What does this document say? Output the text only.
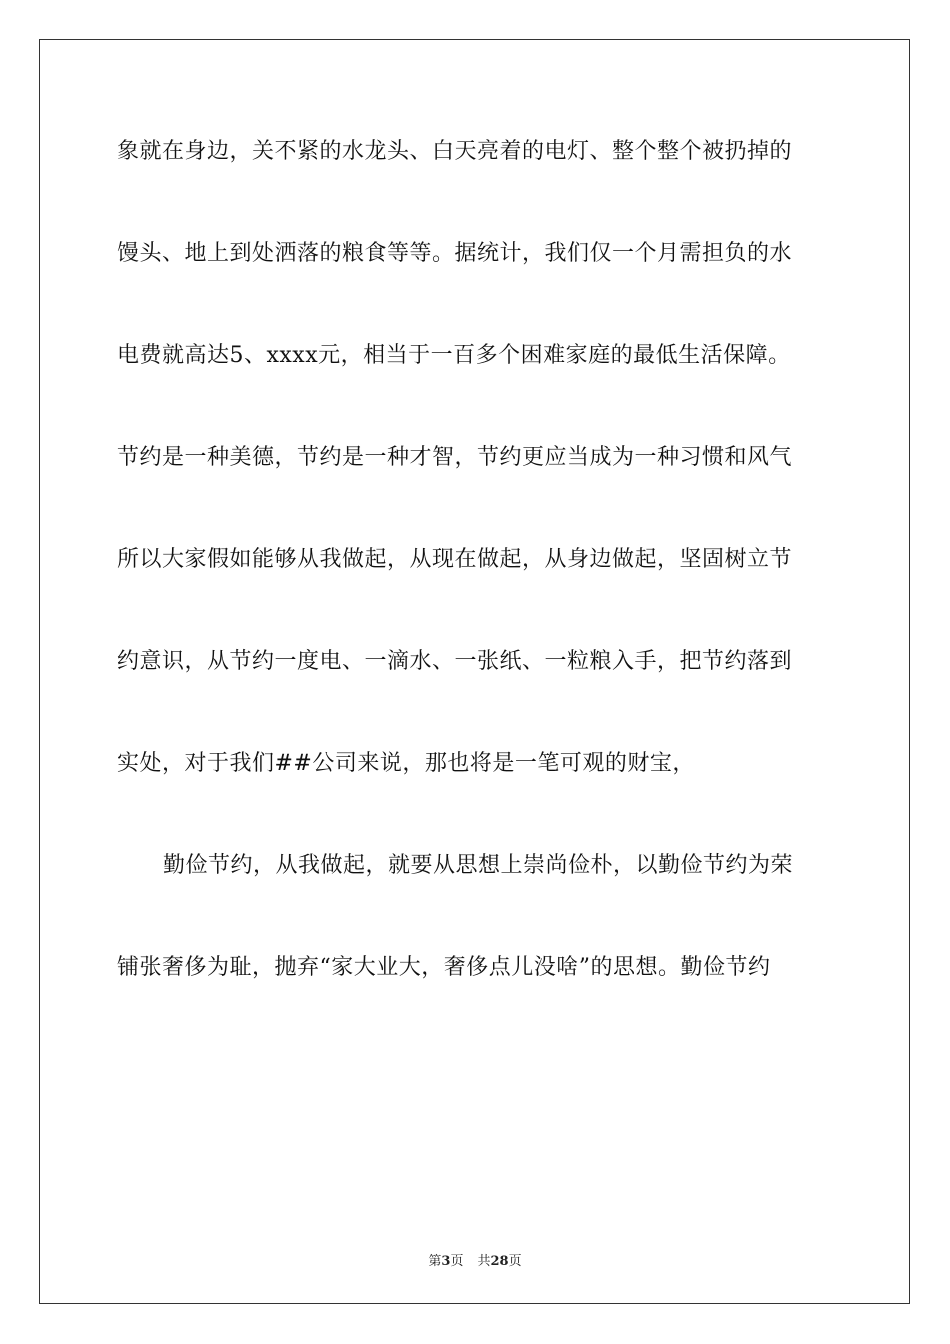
象就在身边，关不紧的水龙头、白天亮着的电灯、整个整个被扔掉的
馒头、地上到处洒落的粮食等等。据统计，我们仅一个月需担负的水
电费就高达5、xxxx元，相当于一百多个困难家庭的最低生活保障。
节约是一种美德，节约是一种才智，节约更应当成为一种习惯和风气
所以大家假如能够从我做起，从现在做起，从身边做起，坚固树立节
约意识，从节约一度电、一滴水、一张纸、一粒粮入手，把节约落到
实处，对于我们##公司来说，那也将是一笔可观的财宝，
勤俭节约，从我做起，就要从思想上崇尚俭朴，以勤俭节约为荣
铺张奢侈为耻，抛弃“家大业大，奢侈点儿没啥”的思想。勤俭节约
第3页 共28页
